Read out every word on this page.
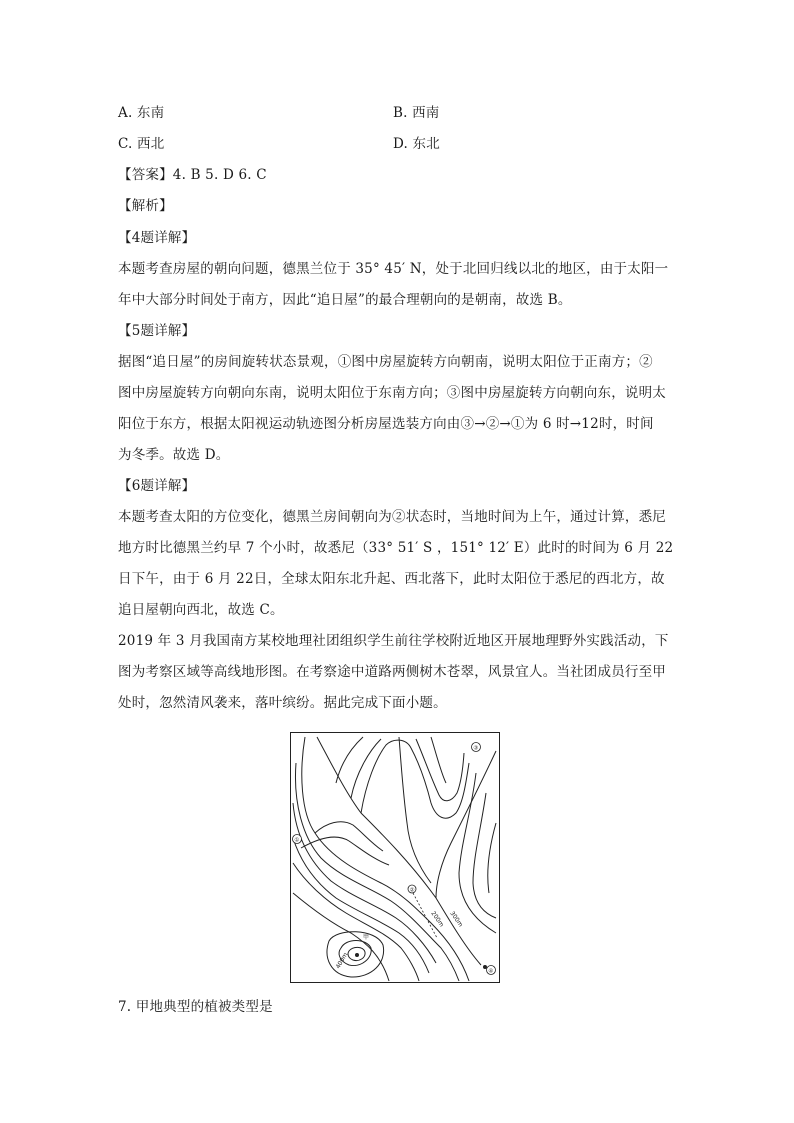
A. 东南	B. 西南
C. 西北	D. 东北
【答案】4. B 5. D 6. C
【解析】
【4题详解】
本题考查房屋的朝向问题，德黑兰位于 35° 45′ N，处于北回归线以北的地区，由于太阳一
年中大部分时间处于南方，因此“追日屋”的最合理朝向的是朝南，故选 B。
【5题详解】
据图“追日屋”的房间旋转状态景观，①图中房屋旋转方向朝南，说明太阳位于正南方；②
图中房屋旋转方向朝向东南，说明太阳位于东南方向；③图中房屋旋转方向朝向东，说明太
阳位于东方，根据太阳视运动轨迹图分析房屋选装方向由③→②→①为 6 时→12时，时间
为冬季。故选 D。
【6题详解】
本题考查太阳的方位变化，德黑兰房间朝向为②状态时，当地时间为上午，通过计算，悉尼
地方时比德黑兰约早 7 个小时，故悉尼（33° 51′ S ，151° 12′ E）此时的时间为 6 月 22
日下午，由于 6 月 22日，全球太阳东北升起、西北落下，此时太阳位于悉尼的西北方，故
追日屋朝向西北，故选 C。
2019 年 3 月我国南方某校地理社团组织学生前往学校附近地区开展地理野外实践活动，下
图为考察区域等高线地形图。在考察途中道路两侧树木苍翠，风景宜人。当社团成员行至甲
处时，忽然清风袭来，落叶缤纷。据此完成下面小题。
③
①
②
④
甲
300m
200m
400m
7. 甲地典型的植被类型是
